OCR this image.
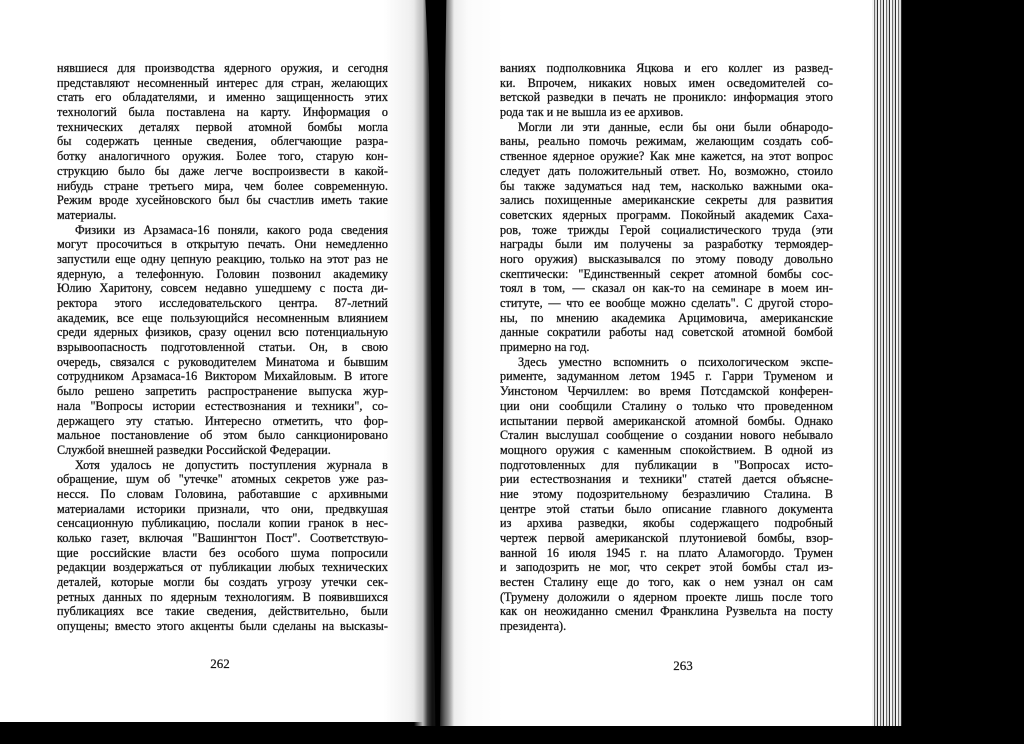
нявшиеся для производства ядерного оружия, и сегодня
представляют несомненный интерес для стран, желающих
стать его обладателями, и именно защищенность этих
технологий была поставлена на карту. Информация о
технических деталях первой атомной бомбы могла
бы содержать ценные сведения, облегчающие разра-
ботку аналогичного оружия. Более того, старую кон-
струкцию было бы даже легче воспроизвести в какой-
нибудь стране третьего мира, чем более современную.
Режим вроде хусейновского был бы счастлив иметь такие
материалы.
Физики из Арзамаса-16 поняли, какого рода сведения
могут просочиться в открытую печать. Они немедленно
запустили еще одну цепную реакцию, только на этот раз не
ядерную, а телефонную. Головин позвонил академику
Юлию Харитону, совсем недавно ушедшему с поста ди-
ректора этого исследовательского центра. 87-летний
академик, все еще пользующийся несомненным влиянием
среди ядерных физиков, сразу оценил всю потенциальную
взрывоопасность подготовленной статьи. Он, в свою
очередь, связался с руководителем Минатома и бывшим
сотрудником Арзамаса-16 Виктором Михайловым. В итоге
было решено запретить распространение выпуска жур-
нала "Вопросы истории естествознания и техники", со-
держащего эту статью. Интересно отметить, что фор-
мальное постановление об этом было санкционировано
Службой внешней разведки Российской Федерации.
Хотя удалось не допустить поступления журнала в
обращение, шум об "утечке" атомных секретов уже раз-
несся. По словам Головина, работавшие с архивными
материалами историки признали, что они, предвкушая
сенсационную публикацию, послали копии гранок в нес-
колько газет, включая "Вашингтон Пост". Соответствую-
щие российские власти без особого шума попросили
редакции воздержаться от публикации любых технических
деталей, которые могли бы создать угрозу утечки сек-
ретных данных по ядерным технологиям. В появившихся
публикациях все такие сведения, действительно, были
опущены; вместо этого акценты были сделаны на высказы-
ваниях подполковника Яцкова и его коллег из развед-
ки. Впрочем, никаких новых имен осведомителей со-
ветской разведки в печать не проникло: информация этого
рода так и не вышла из ее архивов.
Могли ли эти данные, если бы они были обнародо-
ваны, реально помочь режимам, желающим создать соб-
ственное ядерное оружие? Как мне кажется, на этот вопрос
следует дать положительный ответ. Но, возможно, стоило
бы также задуматься над тем, насколько важными ока-
зались похищенные американские секреты для развития
советских ядерных программ. Покойный академик Саха-
ров, тоже трижды Герой социалистического труда (эти
награды были им получены за разработку термоядер-
ного оружия) высказывался по этому поводу довольно
скептически: "Единственный секрет атомной бомбы сос-
тоял в том, — сказал он как-то на семинаре в моем ин-
ституте, — что ее вообще можно сделать". С другой сторо-
ны, по мнению академика Арцимовича, американские
данные сократили работы над советской атомной бомбой
примерно на год.
Здесь уместно вспомнить о психологическом экспе-
рименте, задуманном летом 1945 г. Гарри Труменом и
Уинстоном Черчиллем: во время Потсдамской конферен-
ции они сообщили Сталину о только что проведенном
испытании первой американской атомной бомбы. Однако
Сталин выслушал сообщение о создании нового небывало
мощного оружия с каменным спокойствием. В одной из
подготовленных для публикации в "Вопросах исто-
рии естествознания и техники" статей дается объясне-
ние этому подозрительному безразличию Сталина. В
центре этой статьи было описание главного документа
из архива разведки, якобы содержащего подробный
чертеж первой американской плутониевой бомбы, взор-
ванной 16 июля 1945 г. на плато Аламогордо. Трумен
и заподозрить не мог, что секрет этой бомбы стал из-
вестен Сталину еще до того, как о нем узнал он сам
(Трумену доложили о ядерном проекте лишь после того
как он неожиданно сменил Франклина Рузвельта на посту
президента).
262	263
